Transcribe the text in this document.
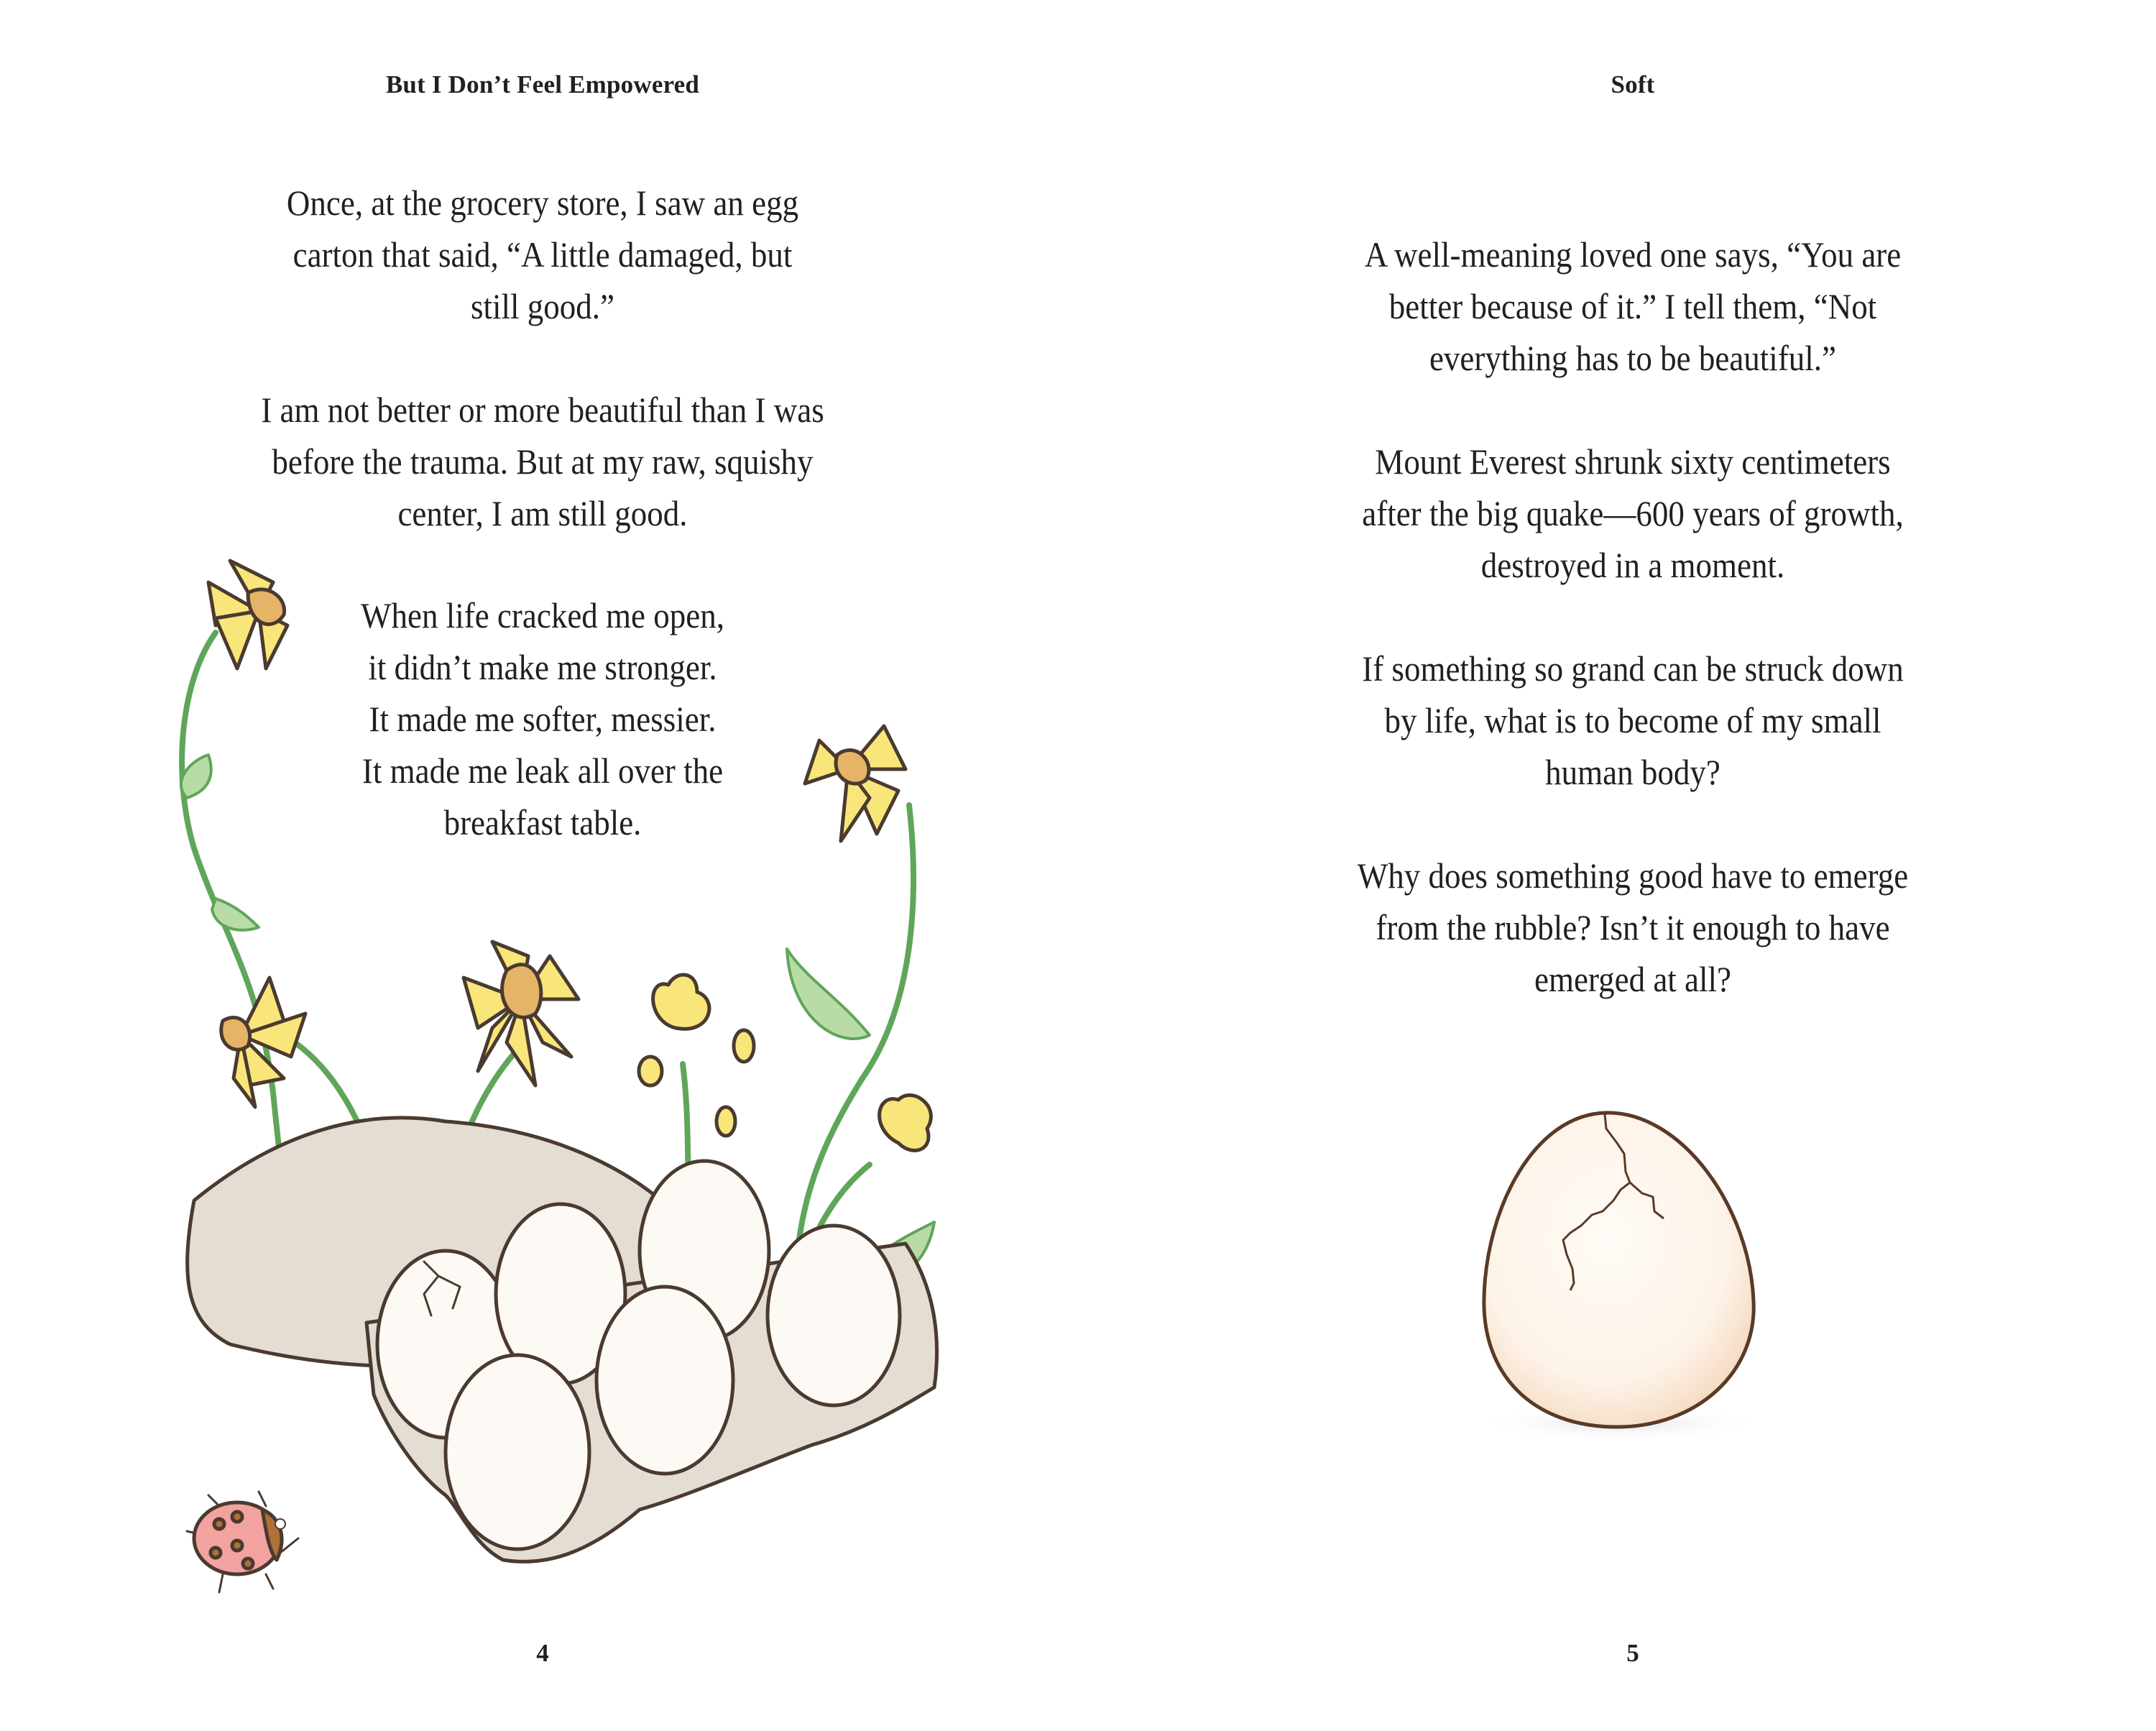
But I Don’t Feel Empowered

Once, at the grocery store, I saw an egg
carton that said, “A little damaged, but
still good.”

I am not better or more beautiful than I was
before the trauma. But at my raw, squishy
center, I am still good.

When life cracked me open,
it didn’t make me stronger.
It made me softer, messier.
It made me leak all over the
breakfast table.
4
Soft

A well-meaning loved one says, “You are
better because of it.” I tell them, “Not
everything has to be beautiful.”

Mount Everest shrunk sixty centimeters
after the big quake—600 years of growth,
destroyed in a moment.

If something so grand can be struck down
by life, what is to become of my small
human body?

Why does something good have to emerge
from the rubble? Isn’t it enough to have
emerged at all?

5
